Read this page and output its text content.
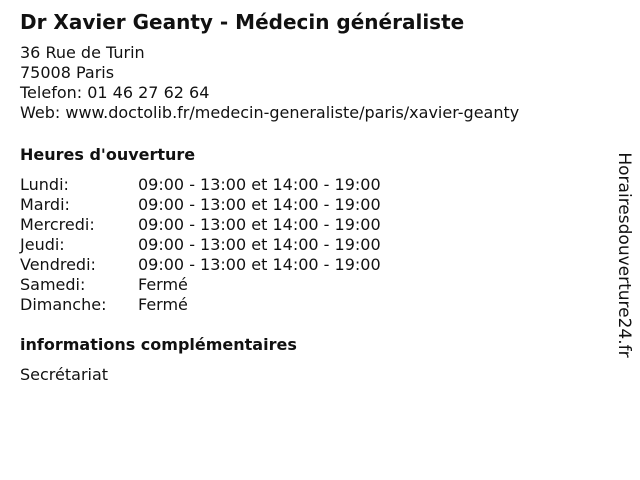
Dr Xavier Geanty - Médecin généraliste
36 Rue de Turin
75008 Paris
Telefon: 01 46 27 62 64
Web: www.doctolib.fr/medecin-generaliste/paris/xavier-geanty
Heures d'ouverture
Lundi:	09:00 - 13:00 et 14:00 - 19:00
Mardi:	09:00 - 13:00 et 14:00 - 19:00
Mercredi:	09:00 - 13:00 et 14:00 - 19:00
Jeudi:	09:00 - 13:00 et 14:00 - 19:00
Vendredi:	09:00 - 13:00 et 14:00 - 19:00
Samedi:	Fermé
Dimanche:	Fermé
informations complémentaires
Secrétariat
Horairesdouverture24.fr
